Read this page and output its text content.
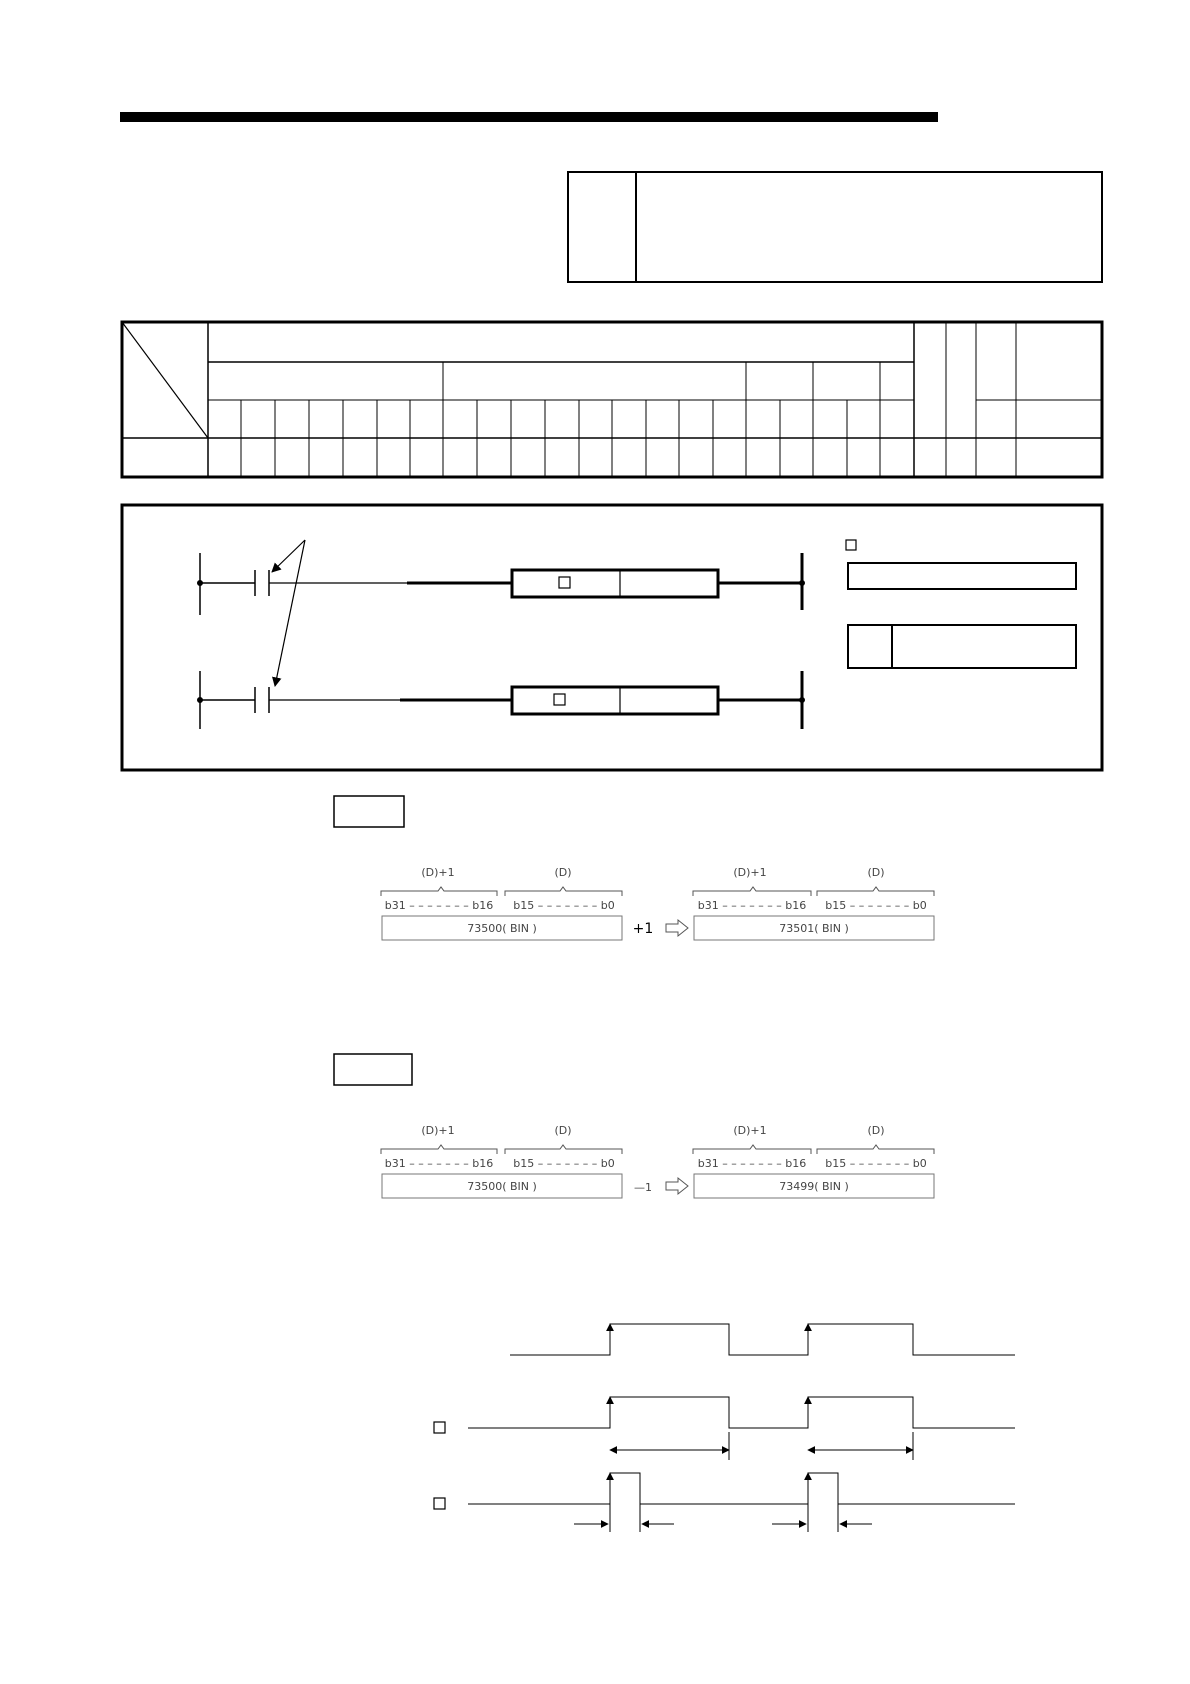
(D)+1	(D)
b31 – – – – – – – b16 b15 – – – – – – – b0
73500( BIN )	+1
(D)+1	(D)
b31 – – – – – – – b16 b15 – – – – – – – b0
73501( BIN )
(D)+1	(D)
b31 – – – – – – – b16 b15 – – – – – – – b0
73500( BIN )	—1
(D)+1	(D)
b31 – – – – – – – b16 b15 – – – – – – – b0
73499( BIN )
